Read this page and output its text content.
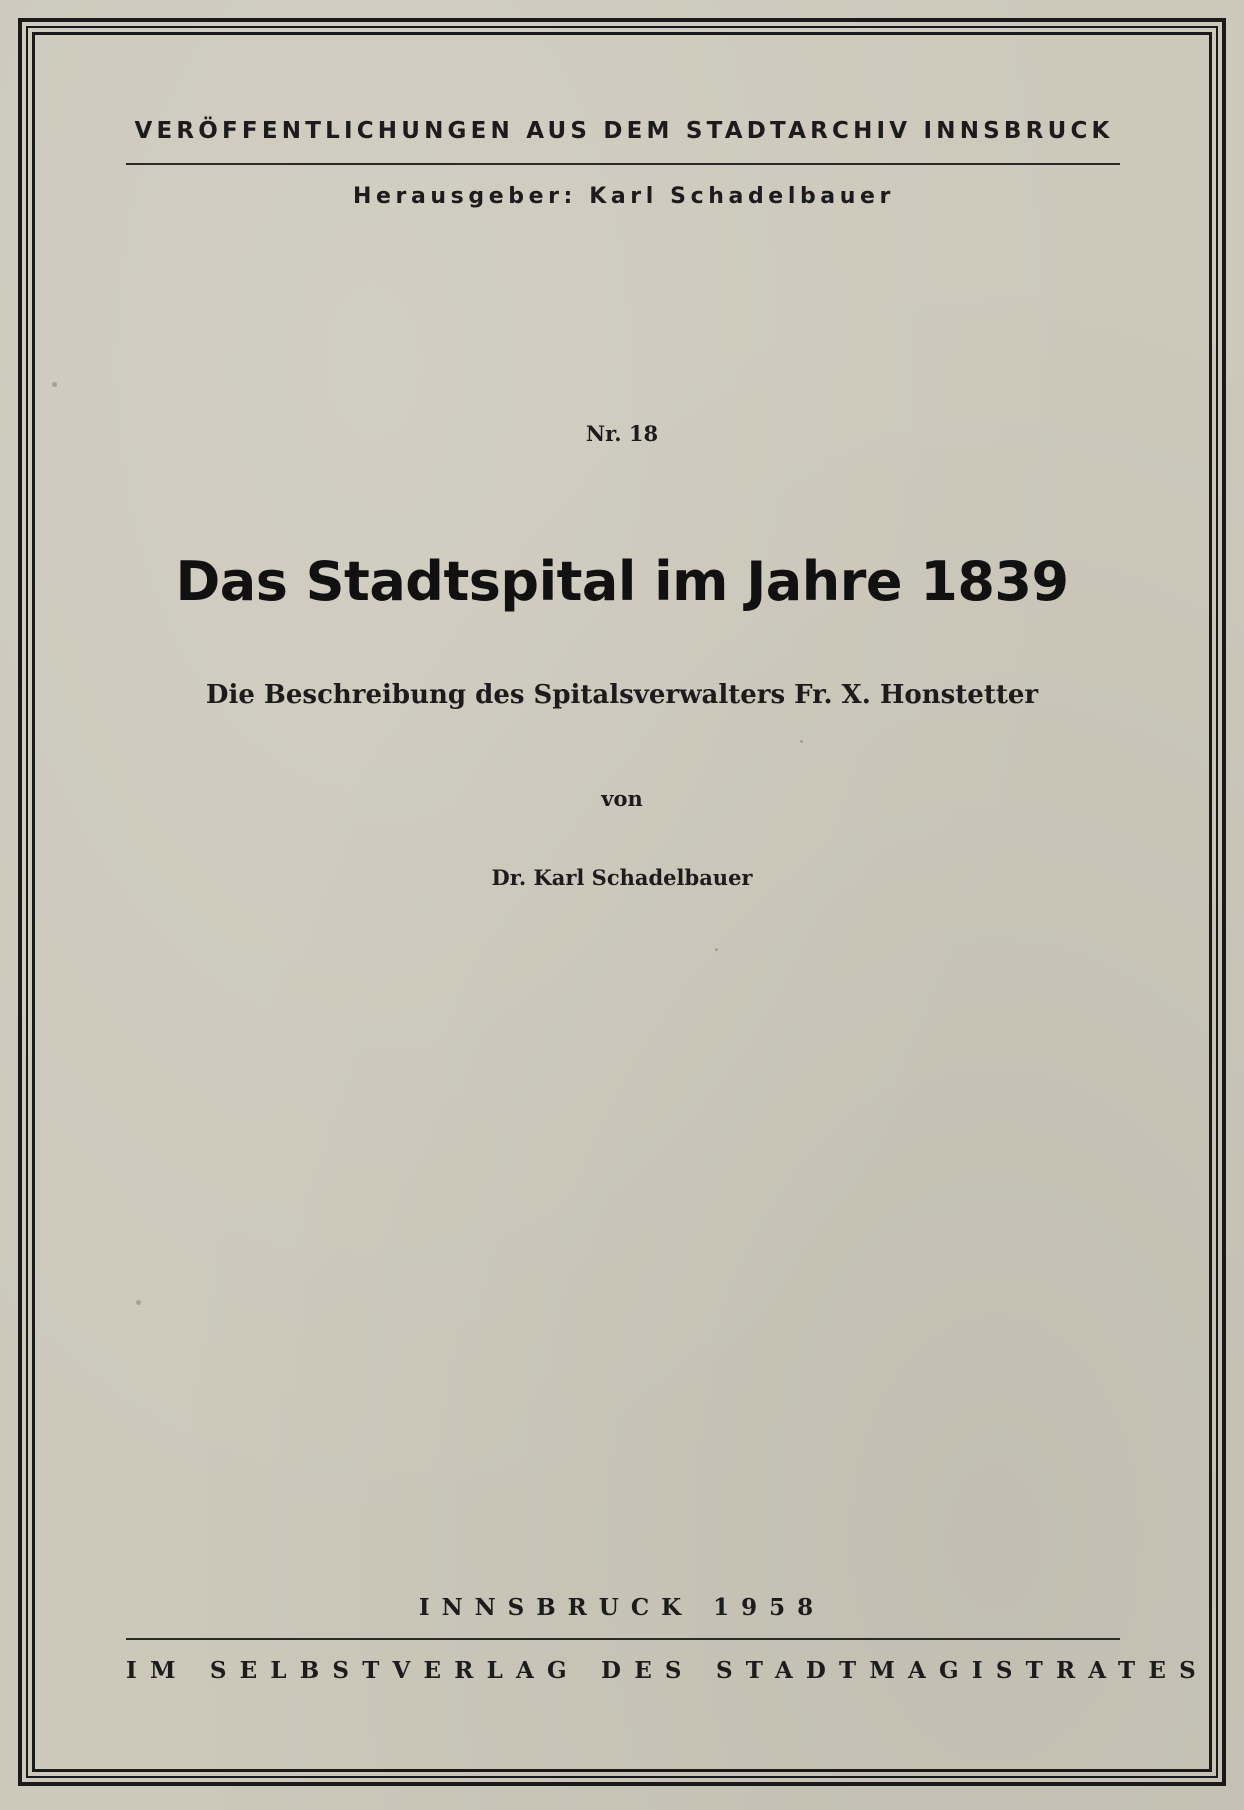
VERÖFFENTLICHUNGEN AUS DEM STADTARCHIV INNSBRUCK
Herausgeber: Karl Schadelbauer
Nr. 18
Das Stadtspital im Jahre 1839
Die Beschreibung des Spitalsverwalters Fr. X. Honstetter
von
Dr. Karl Schadelbauer
INNSBRUCK 1958
IM SELBSTVERLAG DES STADTMAGISTRATES
